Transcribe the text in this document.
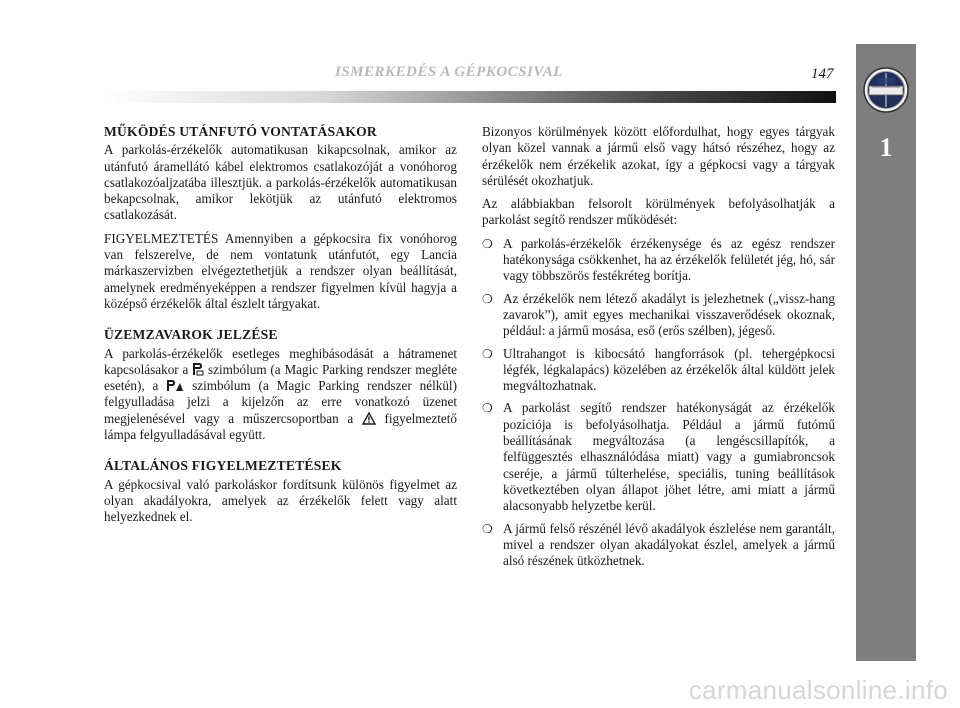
ISMERKEDÉS A GÉPKOCSIVAL	147
1
MŰKÖDÉS UTÁNFUTÓ VONTATÁSAKOR

A parkolás-érzékelők automatikusan kikapcsolnak, amikor az utánfutó áramellátó kábel elektromos csatlakozóját a vonóhorog csatlakozóaljzatába illesztjük. a parkolás-érzékelők automatikusan bekapcsolnak, amikor lekötjük az utánfutó elektromos csatlakozását.

FIGYELMEZTETÉS Amennyiben a gépkocsira fix vonóhorog van felszerelve, de nem vontatunk utánfutót, egy Lancia márkaszervizben elvégeztethetjük a rendszer olyan beállítását, amelynek eredményeképpen a rendszer figyelmen kívül hagyja a középső érzékelők által észlelt tárgyakat.

ÜZEMZAVAROK JELZÉSE

A parkolás-érzékelők esetleges meghibásodását a hátramenet kapcsolásakor a  szimbólum (a Magic Parking rendszer megléte esetén), a  szimbólum (a Magic Parking rendszer nélkül) felgyulladása jelzi a kijelzőn az erre vonatkozó üzenet megjelenésével vagy a műszercsoportban a  figyelmeztető lámpa felgyulladásával együtt.

ÁLTALÁNOS FIGYELMEZTETÉSEK

A gépkocsival való parkoláskor fordítsunk különös figyelmet az olyan akadályokra, amelyek az érzékelők felett vagy alatt helyezkednek el.

Bizonyos körülmények között előfordulhat, hogy egyes tárgyak olyan közel vannak a jármű első vagy hátsó részéhez, hogy az érzékelők nem érzékelik azokat, így a gépkocsi vagy a tárgyak sérülését okozhatjuk.

Az alábbiakban felsorolt körülmények befolyásolhatják a parkolást segítő rendszer működését:

❍ A parkolás-érzékelők érzékenysége és az egész rendszer hatékonysága csökkenhet, ha az érzékelők felületét jég, hó, sár vagy többszörös festékréteg borítja.
❍ Az érzékelők nem létező akadályt is jelezhetnek („vissz-hang zavarok”), amit egyes mechanikai visszaverődések okoznak, például: a jármű mosása, eső (erős szélben), jégeső.
❍ Ultrahangot is kibocsátó hangforrások (pl. tehergépkocsi légfék, légkalapács) közelében az érzékelők által küldött jelek megváltozhatnak.
❍ A parkolást segítő rendszer hatékonyságát az érzékelők pozíciója is befolyásolhatja. Például a jármű futómű beállításának megváltozása (a lengéscsillapítók, a felfüggesztés elhasználódása miatt) vagy a gumiabroncsok cseréje, a jármű túlterhelése, speciális, tuning beállítások következtében olyan állapot jöhet létre, ami miatt a jármű alacsonyabb helyzetbe kerül.
❍ A jármű felső részénél lévő akadályok észlelése nem garantált, mivel a rendszer olyan akadályokat észlel, amelyek a jármű alsó részének ütközhetnek.
carmanualsonline.info
